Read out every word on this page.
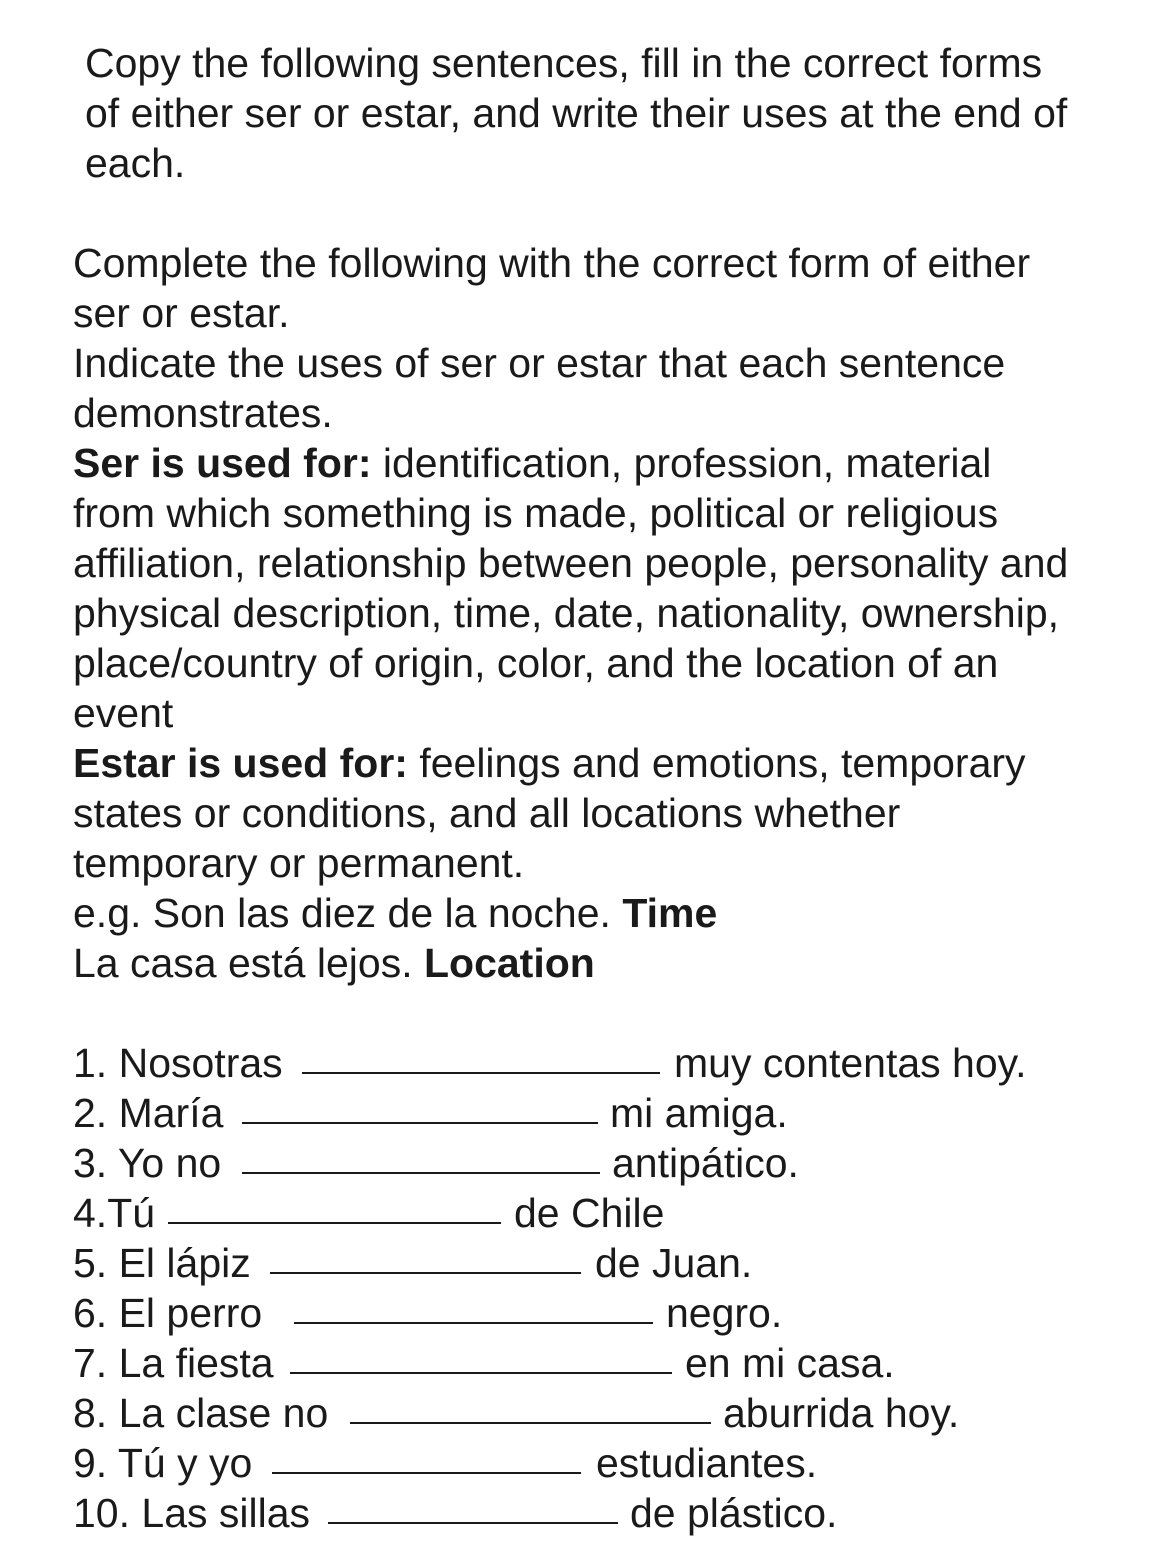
Copy the following sentences, fill in the correct forms of either ser or estar, and write their uses at the end of each.

Complete the following with the correct form of either ser or estar.

Indicate the uses of ser or estar that each sentence demonstrates.

Ser is used for: identification, profession, material from which something is made, political or religious affiliation, relationship between people, personality and physical description, time, date, nationality, ownership, place/country of origin, color, and the location of an event

Estar is used for: feelings and emotions, temporary states or conditions, and all locations whether temporary or permanent.

e.g. Son las diez de la noche. Time

La casa está lejos. Location

1. Nosotras	muy contentas hoy.
2. María	mi amiga.
3. Yo no	antipático.
4.Tú	de Chile
5. El lápiz	de Juan.
6. El perro	negro.
7. La fiesta	en mi casa.
8. La clase no	aburrida hoy.
9. Tú y yo	estudiantes.
10. Las sillas	de plástico.
